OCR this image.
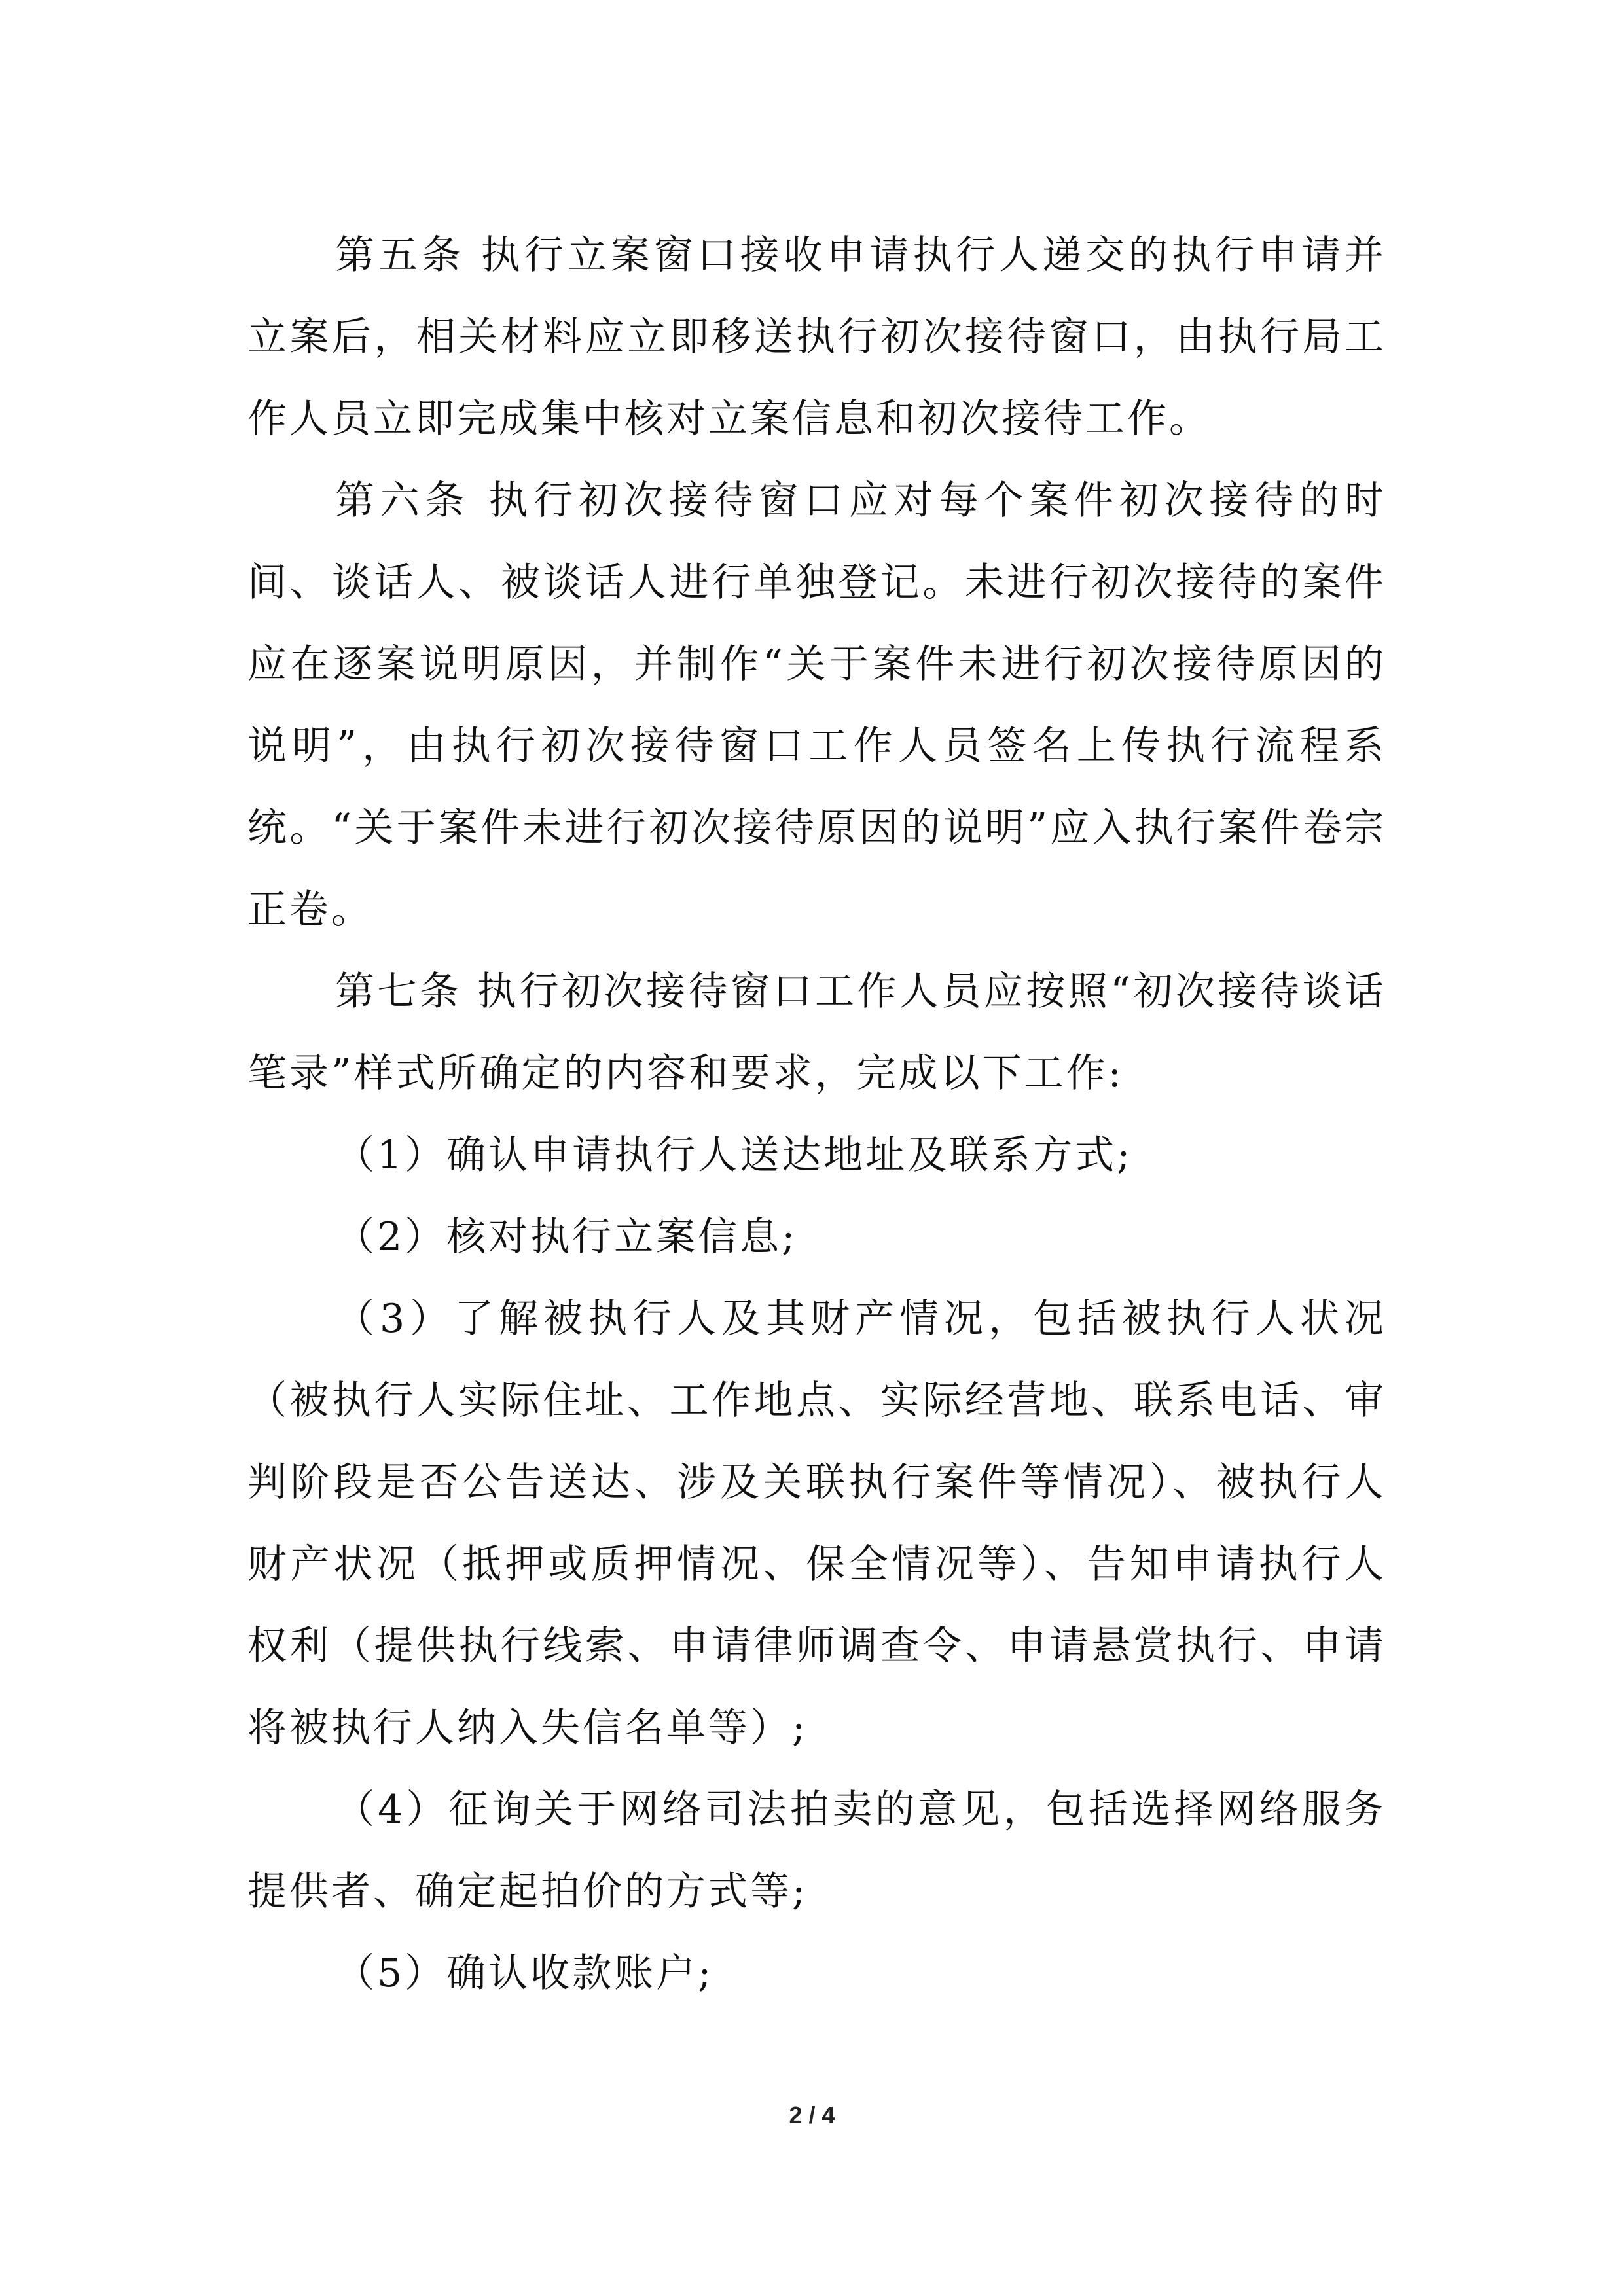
第五条 执行立案窗口接收申请执行人递交的执行申请并立案后，相关材料应立即移送执行初次接待窗口，由执行局工作人员立即完成集中核对立案信息和初次接待工作。

第六条 执行初次接待窗口应对每个案件初次接待的时间、谈话人、被谈话人进行单独登记。未进行初次接待的案件应在逐案说明原因，并制作“关于案件未进行初次接待原因的说明”，由执行初次接待窗口工作人员签名上传执行流程系统。“关于案件未进行初次接待原因的说明”应入执行案件卷宗正卷。

第七条 执行初次接待窗口工作人员应按照“初次接待谈话笔录”样式所确定的内容和要求，完成以下工作:

（1）确认申请执行人送达地址及联系方式;

（2）核对执行立案信息;

（3）了解被执行人及其财产情况，包括被执行人状况（被执行人实际住址、工作地点、实际经营地、联系电话、审判阶段是否公告送达、涉及关联执行案件等情况）、被执行人财产状况（抵押或质押情况、保全情况等）、告知申请执行人权利（提供执行线索、申请律师调查令、申请悬赏执行、申请将被执行人纳入失信名单等）;

（4）征询关于网络司法拍卖的意见，包括选择网络服务提供者、确定起拍价的方式等;

（5）确认收款账户;

2 / 4
